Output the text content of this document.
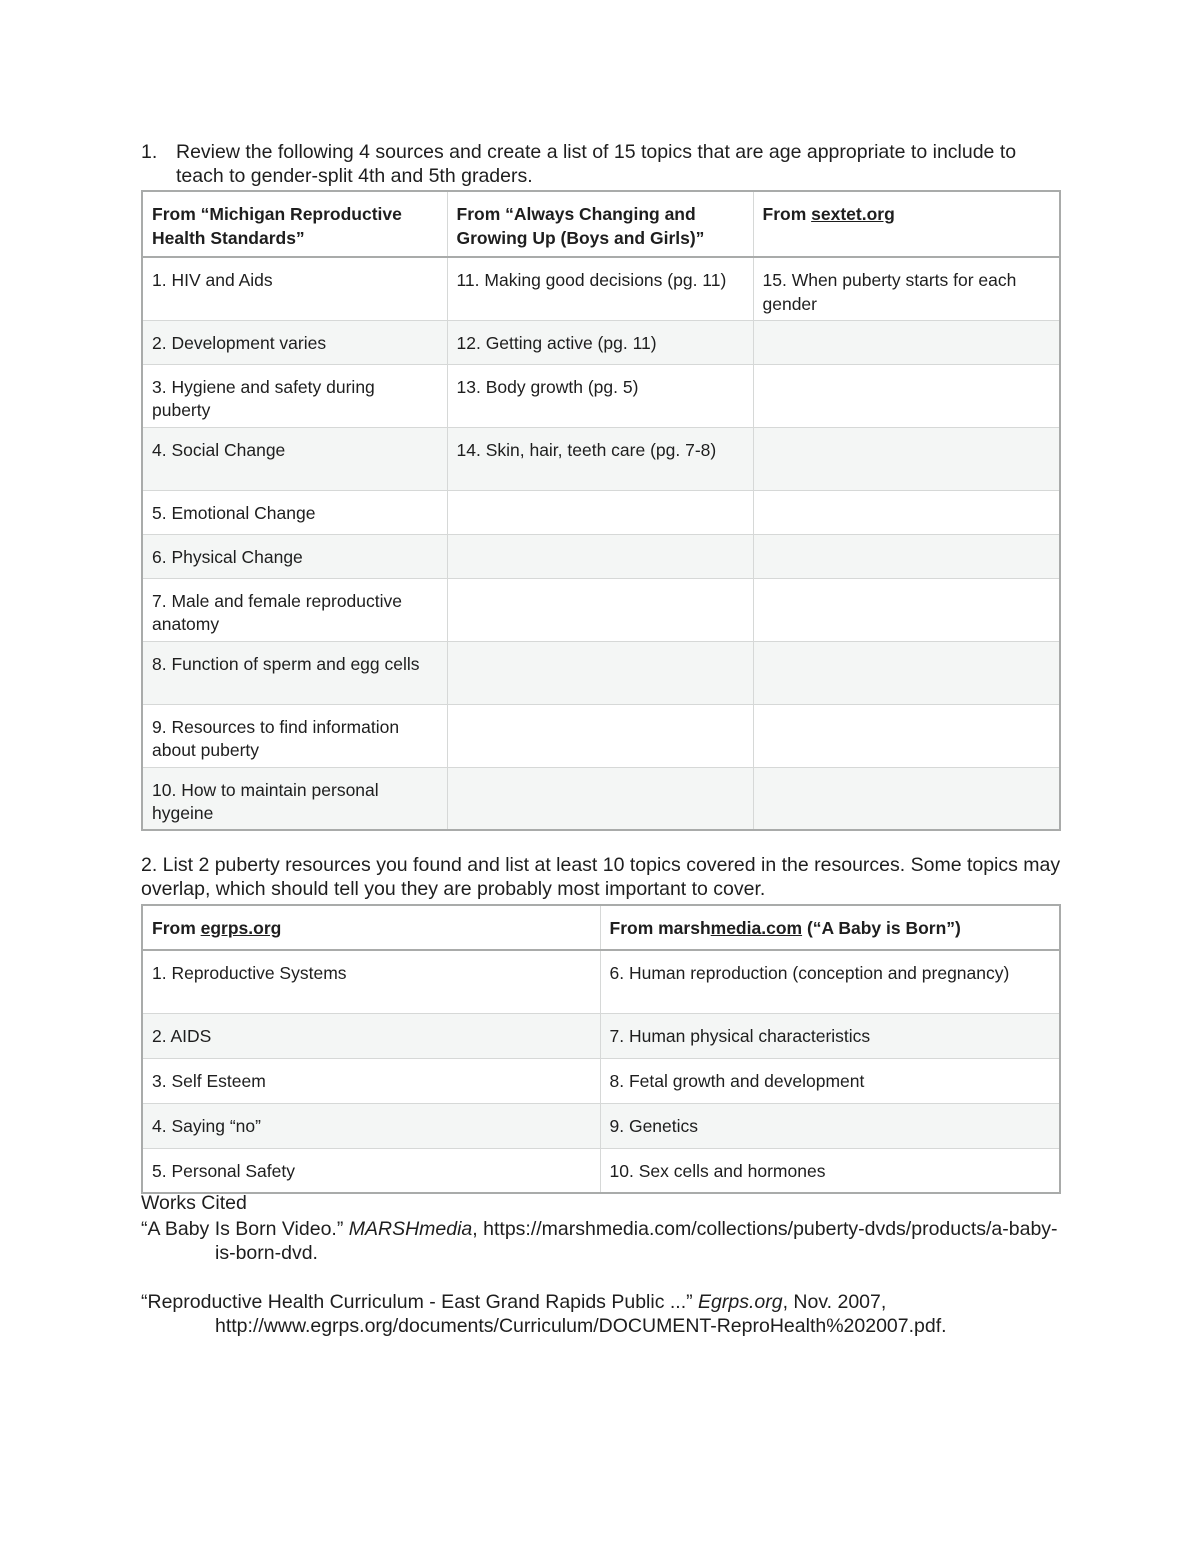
1. Review the following 4 sources and create a list of 15 topics that are age appropriate to include to teach to gender-split 4th and 5th graders.
From “Michigan Reproductive Health Standards”	From “Always Changing and Growing Up (Boys and Girls)”	From sextet.org
1. HIV and Aids	11. Making good decisions (pg. 11)	15. When puberty starts for each gender
2. Development varies	12. Getting active (pg. 11)	
3. Hygiene and safety during puberty	13. Body growth (pg. 5)	
4. Social Change	14. Skin, hair, teeth care (pg. 7-8)	
5. Emotional Change		
6. Physical Change		
7. Male and female reproductive anatomy		
8. Function of sperm and egg cells		
9. Resources to find information about puberty		
10. How to maintain personal hygeine		
2. List 2 puberty resources you found and list at least 10 topics covered in the resources. Some topics may overlap, which should tell you they are probably most important to cover.
From egrps.org	From marshmedia.com (“A Baby is Born”)
1. Reproductive Systems	6. Human reproduction (conception and pregnancy)
2. AIDS	7. Human physical characteristics
3. Self Esteem	8. Fetal growth and development
4. Saying “no”	9. Genetics
5. Personal Safety	10. Sex cells and hormones
Works Cited
“A Baby Is Born Video.” MARSHmedia, https://marshmedia.com/collections/puberty-dvds/products/a-baby-is-born-dvd.
“Reproductive Health Curriculum - East Grand Rapids Public ...” Egrps.org, Nov. 2007, http://www.egrps.org/documents/Curriculum/DOCUMENT-ReproHealth%202007.pdf.
